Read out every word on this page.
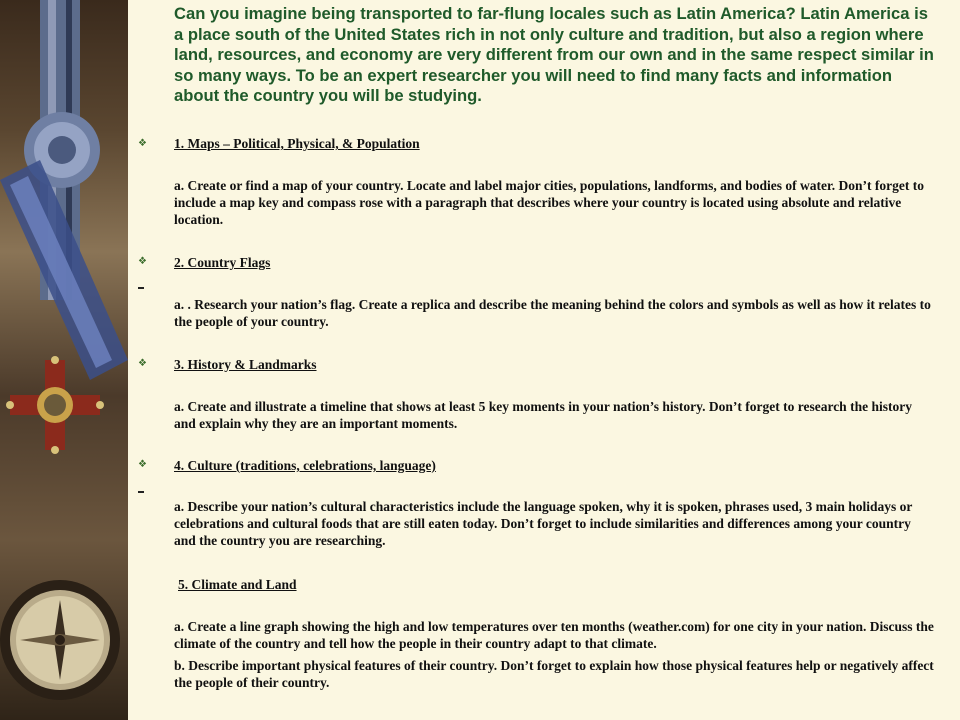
Can you imagine being transported to far-flung locales such as Latin America? Latin America is a place south of the United States rich in not only culture and tradition, but also a region where land, resources, and economy are very different from our own and in the same respect similar in so many ways. To be an expert researcher you will need to find many facts and information about the country you will be studying.

❖ 1. Maps – Political, Physical, & Population

a. Create or find a map of your country. Locate and label major cities, populations, landforms, and bodies of water. Don’t forget to include a map key and compass rose with a paragraph that describes where your country is located using absolute and relative location.

❖ 2. Country Flags

a. . Research your nation’s flag. Create a replica and describe the meaning behind the colors and symbols as well as how it relates to the people of your country.

❖ 3. History & Landmarks

a. Create and illustrate a timeline that shows at least 5 key moments in your nation’s history. Don’t forget to research the history and explain why they are an important moments.

❖ 4. Culture (traditions, celebrations, language)

a. Describe your nation’s cultural characteristics include the language spoken, why it is spoken, phrases used, 3 main holidays or celebrations and cultural foods that are still eaten today. Don’t forget to include similarities and differences among your country and the country you are researching.

5. Climate and Land

a. Create a line graph showing the high and low temperatures over ten months (weather.com) for one city in your nation. Discuss the climate of the country and tell how the people in their country adapt to that climate.

b. Describe important physical features of their country. Don’t forget to explain how those physical features help or negatively affect the people of their country.
